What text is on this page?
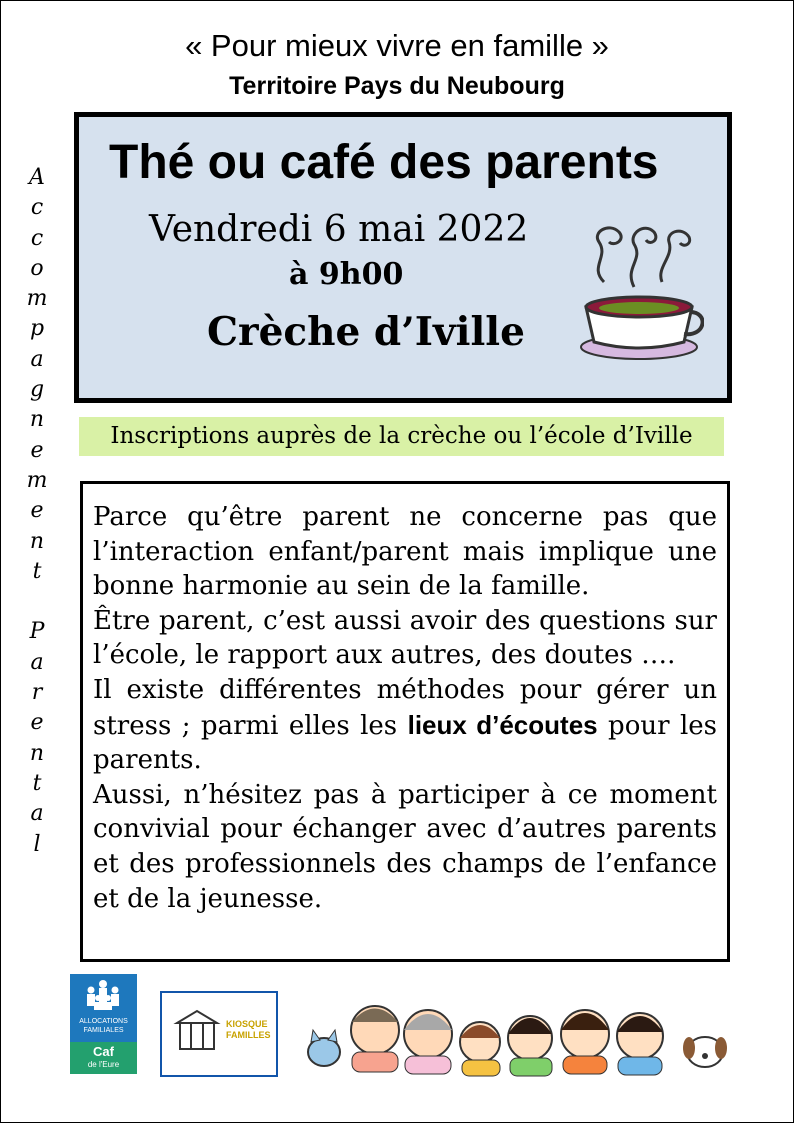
« Pour mieux vivre en famille »
Territoire Pays du Neubourg
A
c
c
o
m
p
a
g
n
e
m
e
n
t

P
a
r
e
n
t
a
l
Thé ou café des parents
Vendredi 6 mai 2022
à 9h00
Crèche d’Iville
Inscriptions auprès de la crèche ou l’école d’Iville

Parce qu’être parent ne concerne pas que l’interaction enfant/parent mais implique une bonne harmonie au sein de la famille.

Être parent, c’est aussi avoir des questions sur l’école, le rapport aux autres, des doutes ….

Il existe différentes méthodes pour gérer un stress ; parmi elles les lieux d’écoutes pour les parents.

Aussi, n’hésitez pas à participer à ce moment convivial pour échanger avec d’autres parents et des professionnels des champs de l’enfance et de la jeunesse.

ALLOCATIONS
FAMILIALES
Caf
de l'Eure
KIOSQUE FAMILLES
